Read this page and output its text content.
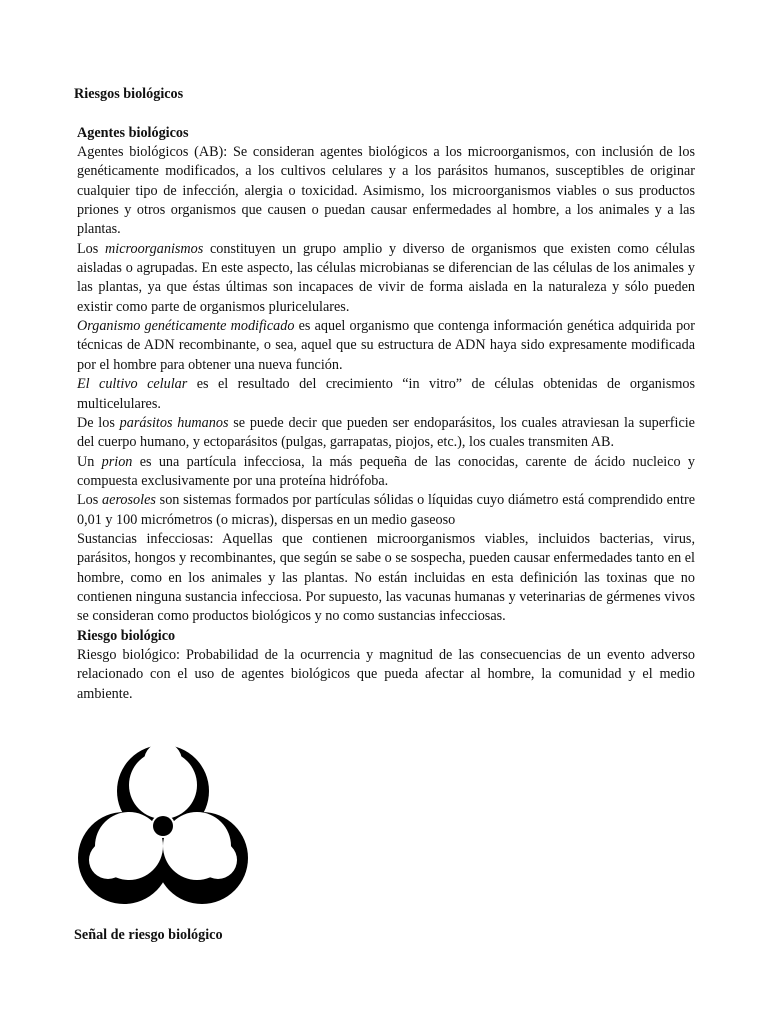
Riesgos biológicos

Agentes biológicos

Agentes biológicos (AB): Se consideran agentes biológicos a los microorganismos, con inclusión de los genéticamente modificados, a los cultivos celulares y a los parásitos humanos, susceptibles de originar cualquier tipo de infección, alergia o toxicidad. Asimismo, los microorganismos viables o sus productos priones y otros organismos que causen o puedan causar enfermedades al hombre, a los animales y a las plantas.

Los microorganismos constituyen un grupo amplio y diverso de organismos que existen como células aisladas o agrupadas. En este aspecto, las células microbianas se diferencian de las células de los animales y las plantas, ya que éstas últimas son incapaces de vivir de forma aislada en la naturaleza y sólo pueden existir como parte de organismos pluricelulares.

Organismo genéticamente modificado es aquel organismo que contenga información genética adquirida por técnicas de ADN recombinante, o sea, aquel que su estructura de ADN haya sido expresamente modificada por el hombre para obtener una nueva función.

El cultivo celular es el resultado del crecimiento “in vitro” de células obtenidas de organismos multicelulares.

De los parásitos humanos se puede decir que pueden ser endoparásitos, los cuales atraviesan la superficie del cuerpo humano, y ectoparásitos (pulgas, garrapatas, piojos, etc.), los cuales transmiten AB.

Un prion es una partícula infecciosa, la más pequeña de las conocidas, carente de ácido nucleico y compuesta exclusivamente por una proteína hidrófoba.

Los aerosoles son sistemas formados por partículas sólidas o líquidas cuyo diámetro está comprendido entre 0,01 y 100 micrómetros (o micras), dispersas en un medio gaseoso

Sustancias infecciosas: Aquellas que contienen microorganismos viables, incluidos bacterias, virus, parásitos, hongos y recombinantes, que según se sabe o se sospecha, pueden causar enfermedades tanto en el hombre, como en los animales y las plantas. No están incluidas en esta definición las toxinas que no contienen ninguna sustancia infecciosa. Por supuesto, las vacunas humanas y veterinarias de gérmenes vivos se consideran como productos biológicos y no como sustancias infecciosas.

Riesgo biológico

Riesgo biológico: Probabilidad de la ocurrencia y magnitud de las consecuencias de un evento adverso relacionado con el uso de agentes biológicos que pueda afectar al hombre, la comunidad y el medio ambiente.

Señal de riesgo biológico
